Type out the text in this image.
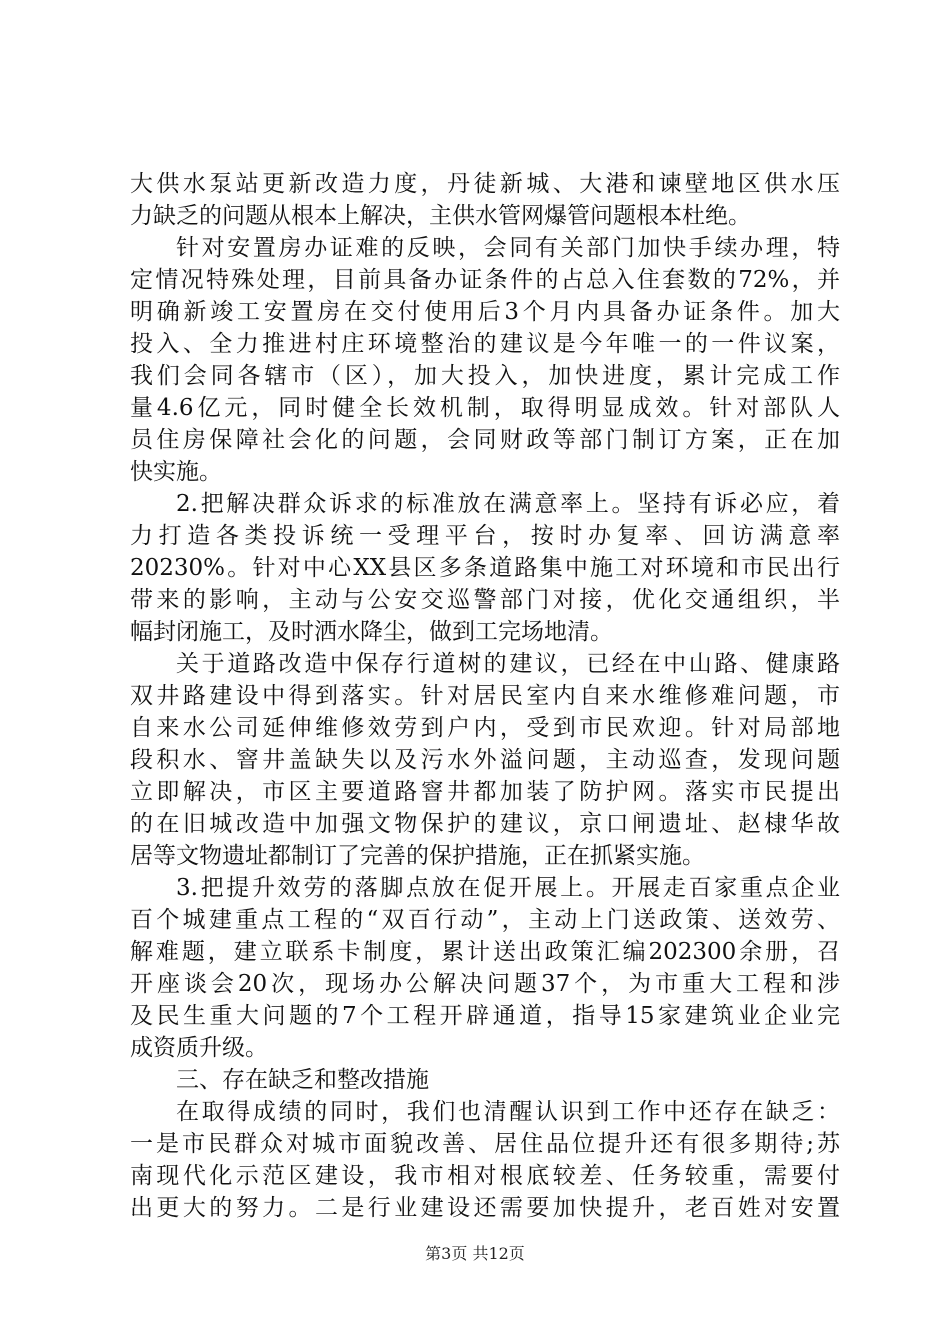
大供水泵站更新改造力度，丹徒新城、大港和谏壁地区供水压
力缺乏的问题从根本上解决，主供水管网爆管问题根本杜绝。
针对安置房办证难的反映，会同有关部门加快手续办理，特
定情况特殊处理，目前具备办证条件的占总入住套数的72%，并
明确新竣工安置房在交付使用后3个月内具备办证条件。加大
投入、全力推进村庄环境整治的建议是今年唯一的一件议案，
我们会同各辖市（区），加大投入，加快进度，累计完成工作
量4.6亿元，同时健全长效机制，取得明显成效。针对部队人
员住房保障社会化的问题，会同财政等部门制订方案，正在加
快实施。
2.把解决群众诉求的标准放在满意率上。坚持有诉必应，着
力打造各类投诉统一受理平台，按时办复率、回访满意率
20230%。针对中心XX县区多条道路集中施工对环境和市民出行
带来的影响，主动与公安交巡警部门对接，优化交通组织，半
幅封闭施工，及时洒水降尘，做到工完场地清。
关于道路改造中保存行道树的建议，已经在中山路、健康路
双井路建设中得到落实。针对居民室内自来水维修难问题，市
自来水公司延伸维修效劳到户内，受到市民欢迎。针对局部地
段积水、窨井盖缺失以及污水外溢问题，主动巡查，发现问题
立即解决，市区主要道路窨井都加装了防护网。落实市民提出
的在旧城改造中加强文物保护的建议，京口闸遗址、赵棣华故
居等文物遗址都制订了完善的保护措施，正在抓紧实施。
3.把提升效劳的落脚点放在促开展上。开展走百家重点企业
百个城建重点工程的“双百行动”，主动上门送政策、送效劳、
解难题，建立联系卡制度，累计送出政策汇编202300余册，召
开座谈会20次，现场办公解决问题37个，为市重大工程和涉
及民生重大问题的7个工程开辟通道，指导15家建筑业企业完
成资质升级。
三、存在缺乏和整改措施
在取得成绩的同时，我们也清醒认识到工作中还存在缺乏：
一是市民群众对城市面貌改善、居住品位提升还有很多期待;苏
南现代化示范区建设，我市相对根底较差、任务较重，需要付
出更大的努力。二是行业建设还需要加快提升，老百姓对安置
第3页 共12页
